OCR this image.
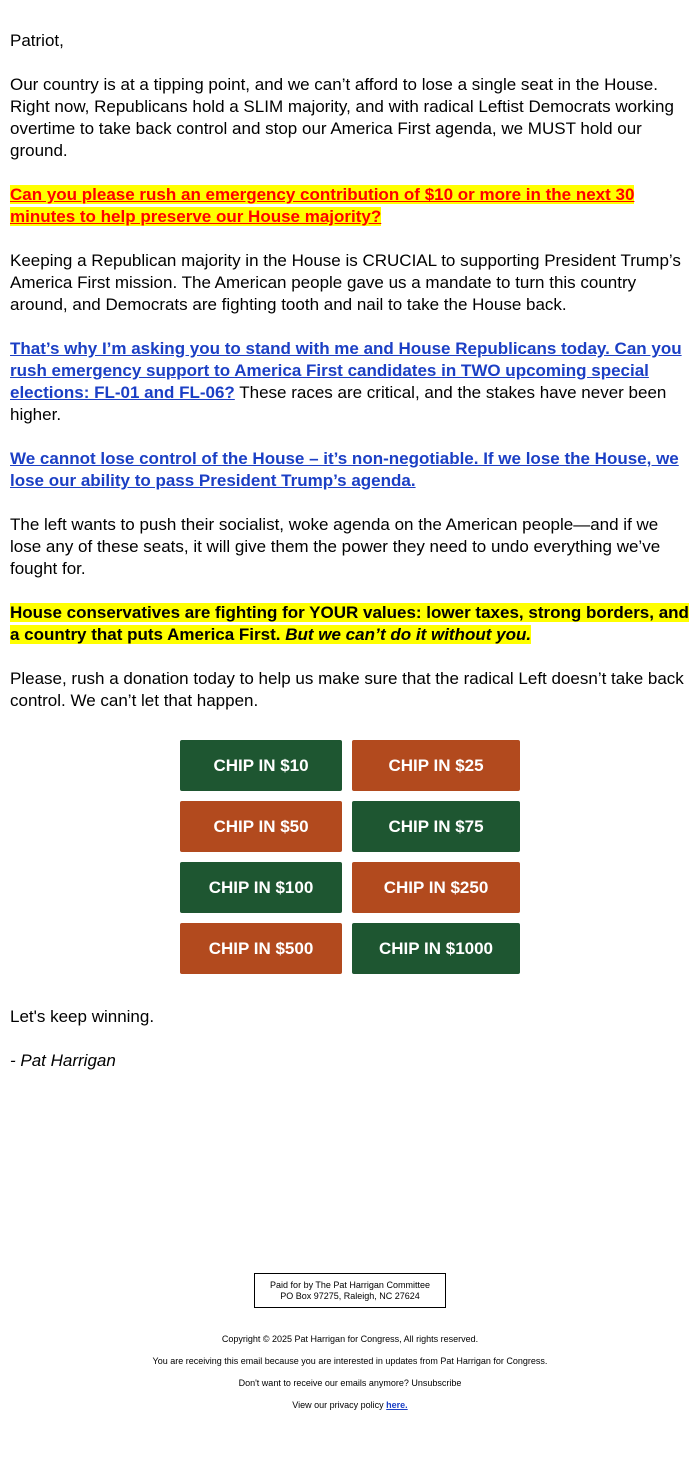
Patriot,

Our country is at a tipping point, and we can’t afford to lose a single seat in the House. Right now, Republicans hold a SLIM majority, and with radical Leftist Democrats working overtime to take back control and stop our America First agenda, we MUST hold our ground.

Can you please rush an emergency contribution of $10 or more in the next 30 minutes to help preserve our House majority?

Keeping a Republican majority in the House is CRUCIAL to supporting President Trump’s America First mission. The American people gave us a mandate to turn this country around, and Democrats are fighting tooth and nail to take the House back.

That’s why I’m asking you to stand with me and House Republicans today. Can you rush emergency support to America First candidates in TWO upcoming special elections: FL-01 and FL-06? These races are critical, and the stakes have never been higher.

We cannot lose control of the House – it’s non-negotiable. If we lose the House, we lose our ability to pass President Trump’s agenda.

The left wants to push their socialist, woke agenda on the American people—and if we lose any of these seats, it will give them the power they need to undo everything we’ve fought for.

House conservatives are fighting for YOUR values: lower taxes, strong borders, and a country that puts America First. But we can’t do it without you.

Please, rush a donation today to help us make sure that the radical Left doesn’t take back control. We can’t let that happen.

CHIP IN $10	CHIP IN $25
CHIP IN $50	CHIP IN $75
CHIP IN $100	CHIP IN $250
CHIP IN $500	CHIP IN $1000

Let's keep winning.

- Pat Harrigan

Paid for by The Pat Harrigan Committee
PO Box 97275, Raleigh, NC 27624
Copyright © 2025 Pat Harrigan for Congress, All rights reserved.
You are receiving this email because you are interested in updates from Pat Harrigan for Congress.
Don't want to receive our emails anymore? Unsubscribe
View our privacy policy here.
